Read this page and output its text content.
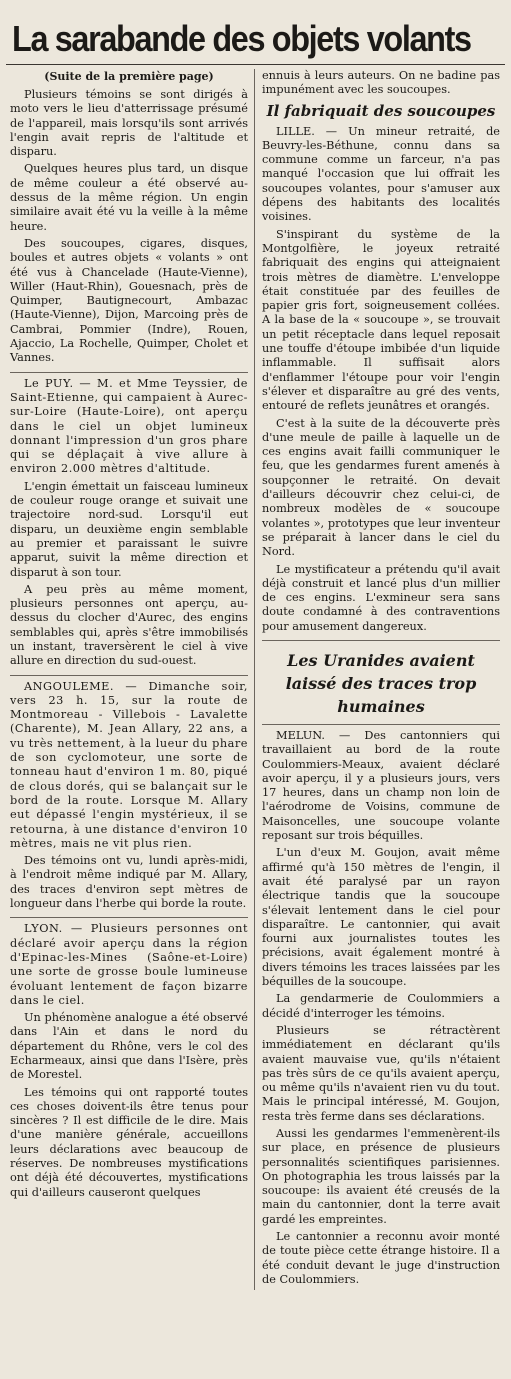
La sarabande des objets volants
(Suite de la première page)

Plusieurs témoins se sont dirigés à moto vers le lieu d'atterrissage présumé de l'appareil, mais lorsqu'ils sont arrivés l'engin avait repris de l'altitude et disparu.

Quelques heures plus tard, un disque de même couleur a été observé au-dessus de la même région. Un engin similaire avait été vu la veille à la même heure.

Des soucoupes, cigares, disques, boules et autres objets « volants » ont été vus à Chancelade (Haute-Vienne), Willer (Haut-Rhin), Gouesnach, près de Quimper, Bautignecourt, Ambazac (Haute-Vienne), Dijon, Marcoing près de Cambrai, Pommier (Indre), Rouen, Ajaccio, La Rochelle, Quimper, Cholet et Vannes.

Le PUY. — M. et Mme Teyssier, de Saint-Etienne, qui campaient à Aurec-sur-Loire (Haute-Loire), ont aperçu dans le ciel un objet lumineux donnant l'impression d'un gros phare qui se déplaçait à vive allure à environ 2.000 mètres d'altitude.

L'engin émettait un faisceau lumineux de couleur rouge orange et suivait une trajectoire nord-sud. Lorsqu'il eut disparu, un deuxième engin semblable au premier et paraissant le suivre apparut, suivit la même direction et disparut à son tour.

A peu près au même moment, plusieurs personnes ont aperçu, au-dessus du clocher d'Aurec, des engins semblables qui, après s'être immobilisés un instant, traversèrent le ciel à vive allure en direction du sud-ouest.

ANGOULEME. — Dimanche soir, vers 23 h. 15, sur la route de Montmoreau - Villebois - Lavalette (Charente), M. Jean Allary, 22 ans, a vu très nettement, à la lueur du phare de son cyclomoteur, une sorte de tonneau haut d'environ 1 m. 80, piqué de clous dorés, qui se balançait sur le bord de la route. Lorsque M. Allary eut dépassé l'engin mystérieux, il se retourna, à une distance d'environ 10 mètres, mais ne vit plus rien.

Des témoins ont vu, lundi après-midi, à l'endroit même indiqué par M. Allary, des traces d'environ sept mètres de longueur dans l'herbe qui borde la route.

LYON. — Plusieurs personnes ont déclaré avoir aperçu dans la région d'Epinac-les-Mines (Saône-et-Loire) une sorte de grosse boule lumineuse évoluant lentement de façon bizarre dans le ciel.

Un phénomène analogue a été observé dans l'Ain et dans le nord du département du Rhône, vers le col des Echarmeaux, ainsi que dans l'Isère, près de Morestel.

Les témoins qui ont rapporté toutes ces choses doivent-ils être tenus pour sincères ? Il est difficile de le dire. Mais d'une manière générale, accueillons leurs déclarations avec beaucoup de réserves. De nombreuses mystifications ont déjà été découvertes, mystifications qui d'ailleurs causeront quelques

ennuis à leurs auteurs. On ne badine pas impunément avec les soucoupes.

Il fabriquait des soucoupes

LILLE. — Un mineur retraité, de Beuvry-les-Béthune, connu dans sa commune comme un farceur, n'a pas manqué l'occasion que lui offrait les soucoupes volantes, pour s'amuser aux dépens des habitants des localités voisines.

S'inspirant du système de la Montgolfière, le joyeux retraité fabriquait des engins qui atteignaient trois mètres de diamètre. L'enveloppe était constituée par des feuilles de papier gris fort, soigneusement collées. A la base de la « soucoupe », se trouvait un petit réceptacle dans lequel reposait une touffe d'étoupe imbibée d'un liquide inflammable. Il suffisait alors d'enflammer l'étoupe pour voir l'engin s'élever et disparaître au gré des vents, entouré de reflets jeunâtres et orangés.

C'est à la suite de la découverte près d'une meule de paille à laquelle un de ces engins avait failli communiquer le feu, que les gendarmes furent amenés à soupçonner le retraité. On devait d'ailleurs découvrir chez celui-ci, de nombreux modèles de « soucoupe volantes », prototypes que leur inventeur se préparait à lancer dans le ciel du Nord.

Le mystificateur a prétendu qu'il avait déjà construit et lancé plus d'un millier de ces engins. L'exmineur sera sans doute condamné à des contraventions pour amusement dangereux.

Les Uranides avaient laissé des traces trop humaines

MELUN. — Des cantonniers qui travaillaient au bord de la route Coulommiers-Meaux, avaient déclaré avoir aperçu, il y a plusieurs jours, vers 17 heures, dans un champ non loin de l'aérodrome de Voisins, commune de Maisoncelles, une soucoupe volante reposant sur trois béquilles.

L'un d'eux M. Goujon, avait même affirmé qu'à 150 mètres de l'engin, il avait été paralysé par un rayon électrique tandis que la soucoupe s'élevait lentement dans le ciel pour disparaître. Le cantonnier, qui avait fourni aux journalistes toutes les précisions, avait également montré à divers témoins les traces laissées par les béquilles de la soucoupe.

La gendarmerie de Coulommiers a décidé d'interroger les témoins.

Plusieurs se rétractèrent immédiatement en déclarant qu'ils avaient mauvaise vue, qu'ils n'étaient pas très sûrs de ce qu'ils avaient aperçu, ou même qu'ils n'avaient rien vu du tout. Mais le principal intéressé, M. Goujon, resta très ferme dans ses déclarations.

Aussi les gendarmes l'emmenèrent-ils sur place, en présence de plusieurs personnalités scientifiques parisiennes. On photographia les trous laissés par la soucoupe: ils avaient été creusés de la main du cantonnier, dont la terre avait gardé les empreintes.

Le cantonnier a reconnu avoir monté de toute pièce cette étrange histoire. Il a été conduit devant le juge d'instruction de Coulommiers.
